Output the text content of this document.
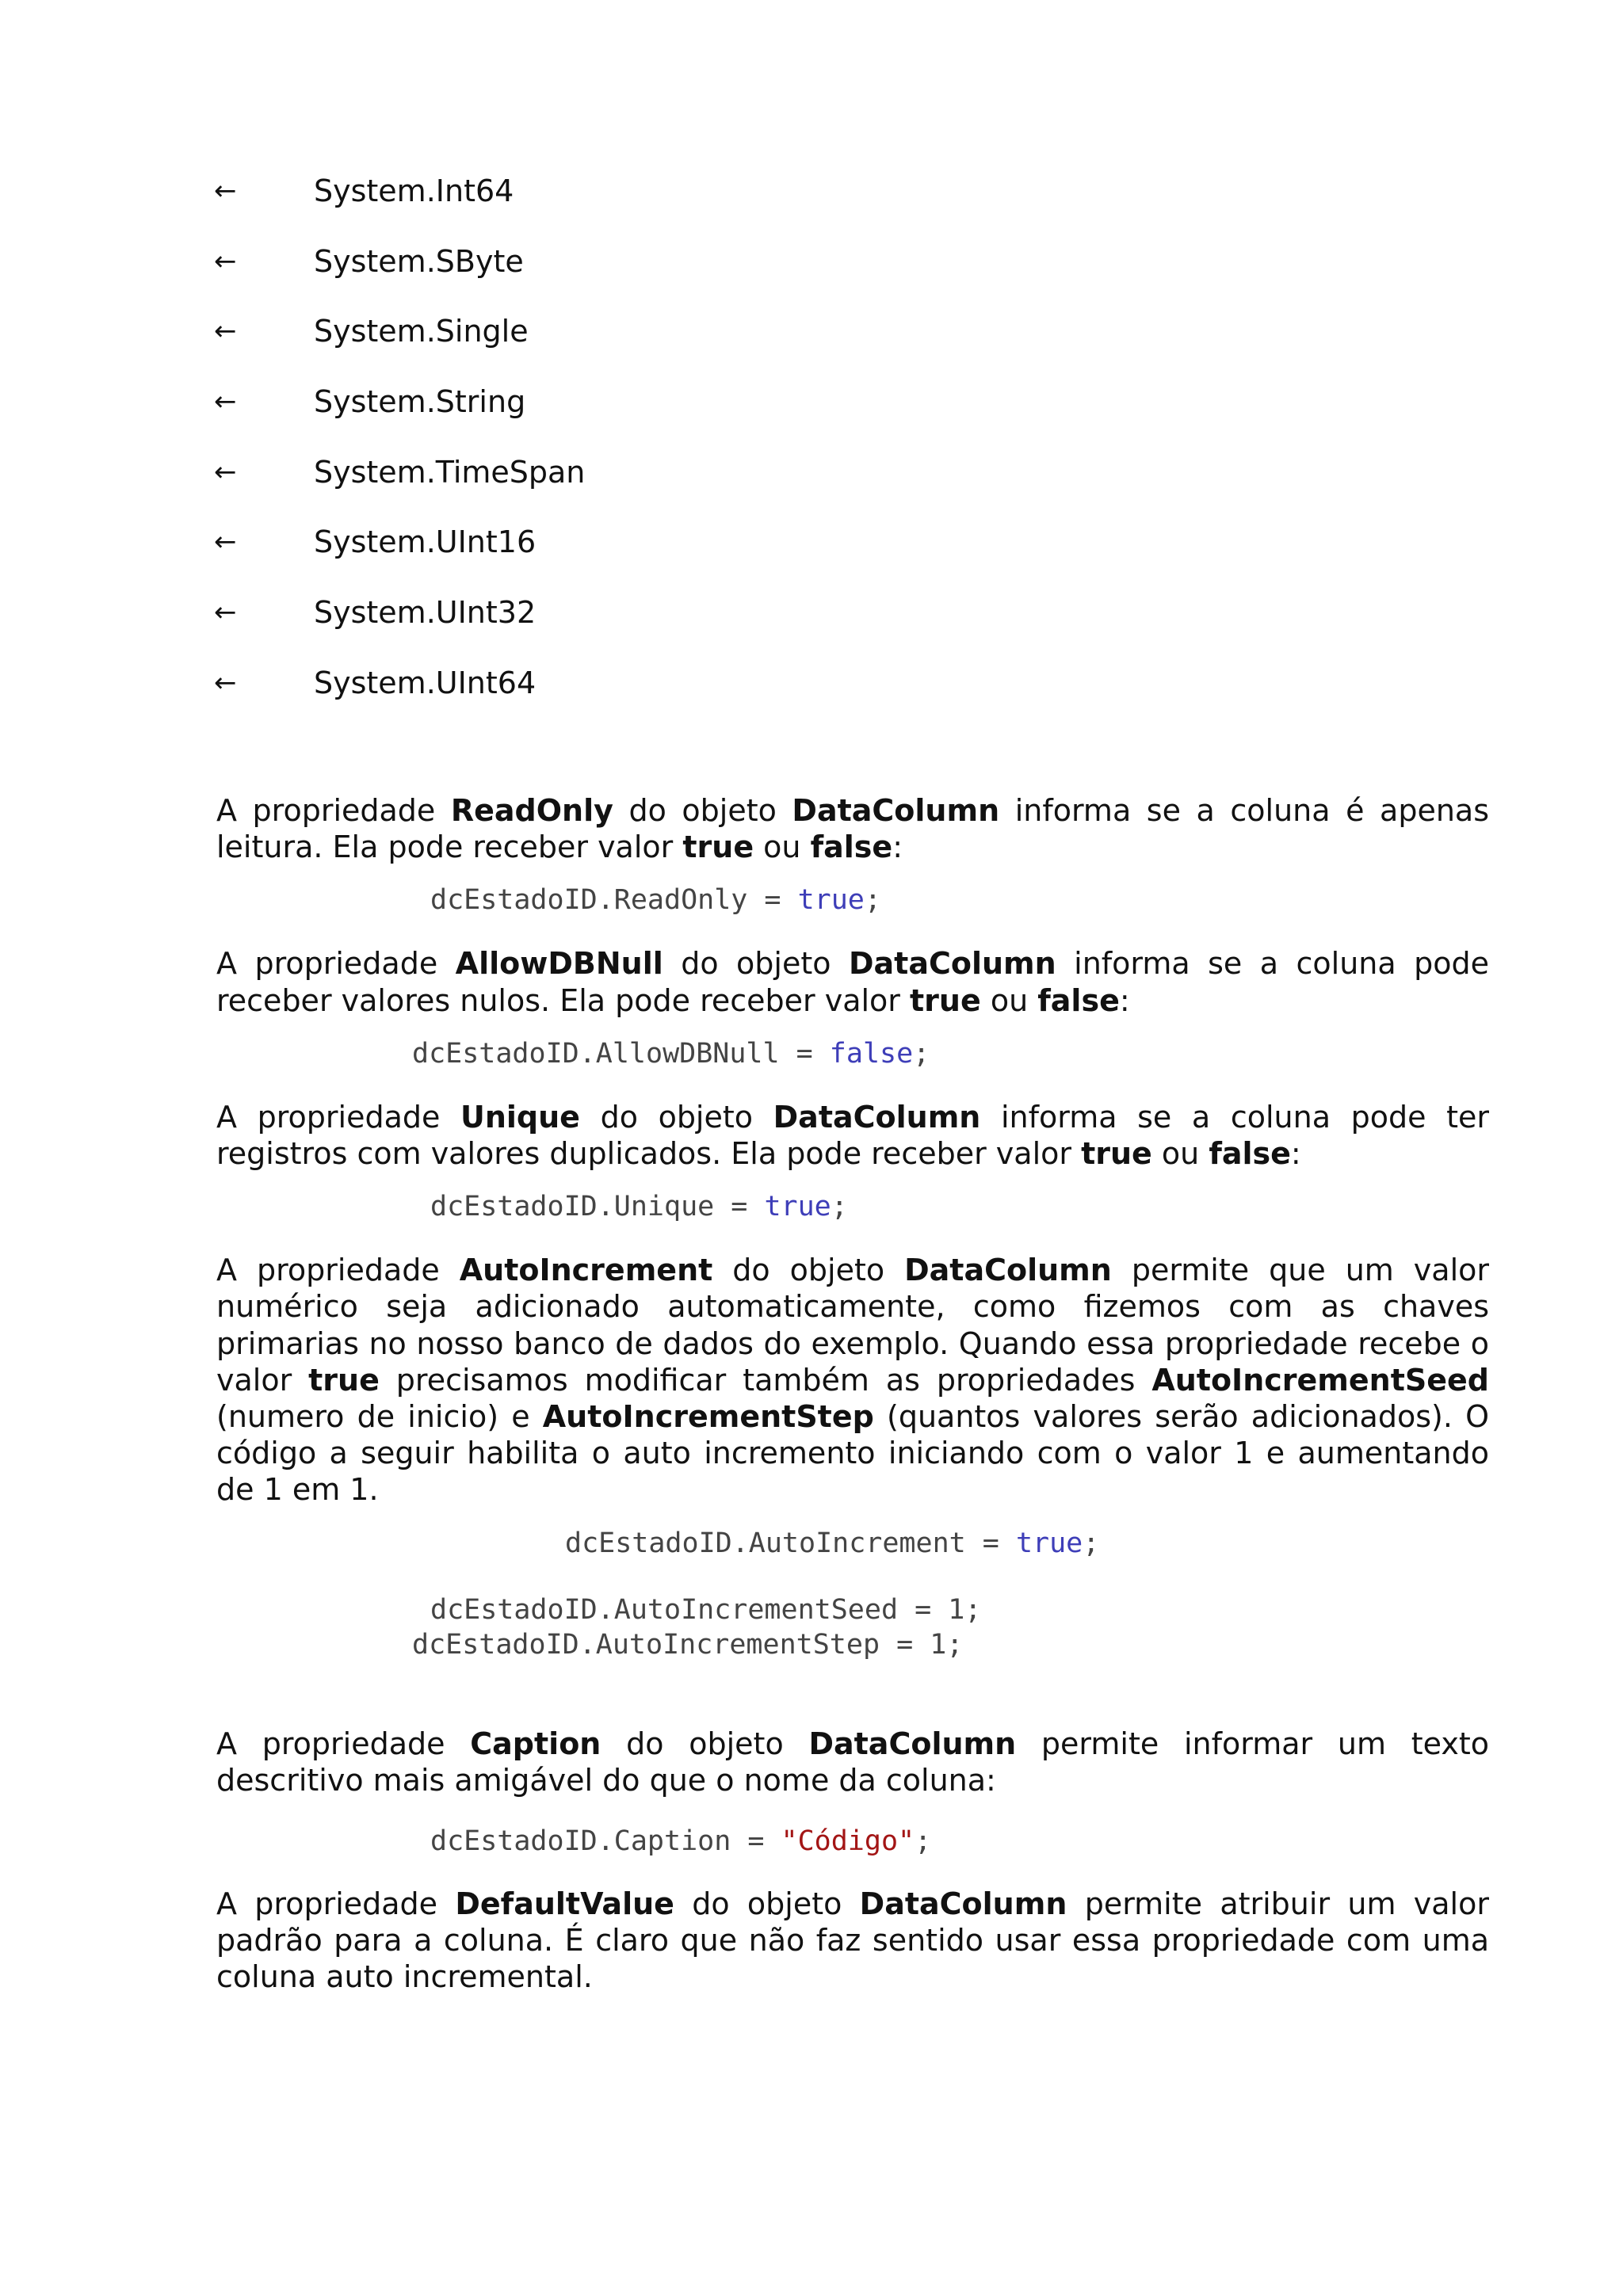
←	System.Int64
←	System.SByte
←	System.Single
←	System.String
←	System.TimeSpan
←	System.UInt16
←	System.UInt32
←	System.UInt64

A propriedade ReadOnly do objeto DataColumn informa se a coluna é apenas leitura. Ela pode receber valor true ou false:

dcEstadoID.ReadOnly = true;

A propriedade AllowDBNull do objeto DataColumn informa se a coluna pode receber valores nulos. Ela pode receber valor true ou false:

dcEstadoID.AllowDBNull = false;

A propriedade Unique do objeto DataColumn informa se a coluna pode ter registros com valores duplicados. Ela pode receber valor true ou false:

dcEstadoID.Unique = true;

A propriedade AutoIncrement do objeto DataColumn permite que um valor numérico seja adicionado automaticamente, como fizemos com as chaves primarias no nosso banco de dados do exemplo. Quando essa propriedade recebe o valor true precisamos modificar também as propriedades AutoIncrementSeed (numero de inicio) e AutoIncrementStep (quantos valores serão adicionados). O código a seguir habilita o auto incremento iniciando com o valor 1 e aumentando de 1 em 1.

dcEstadoID.AutoIncrement = true;
dcEstadoID.AutoIncrementSeed = 1;
dcEstadoID.AutoIncrementStep = 1;

A propriedade Caption do objeto DataColumn permite informar um texto descritivo mais amigável do que o nome da coluna:

dcEstadoID.Caption = "Código";

A propriedade DefaultValue do objeto DataColumn permite atribuir um valor padrão para a coluna. É claro que não faz sentido usar essa propriedade com uma coluna auto incremental.
